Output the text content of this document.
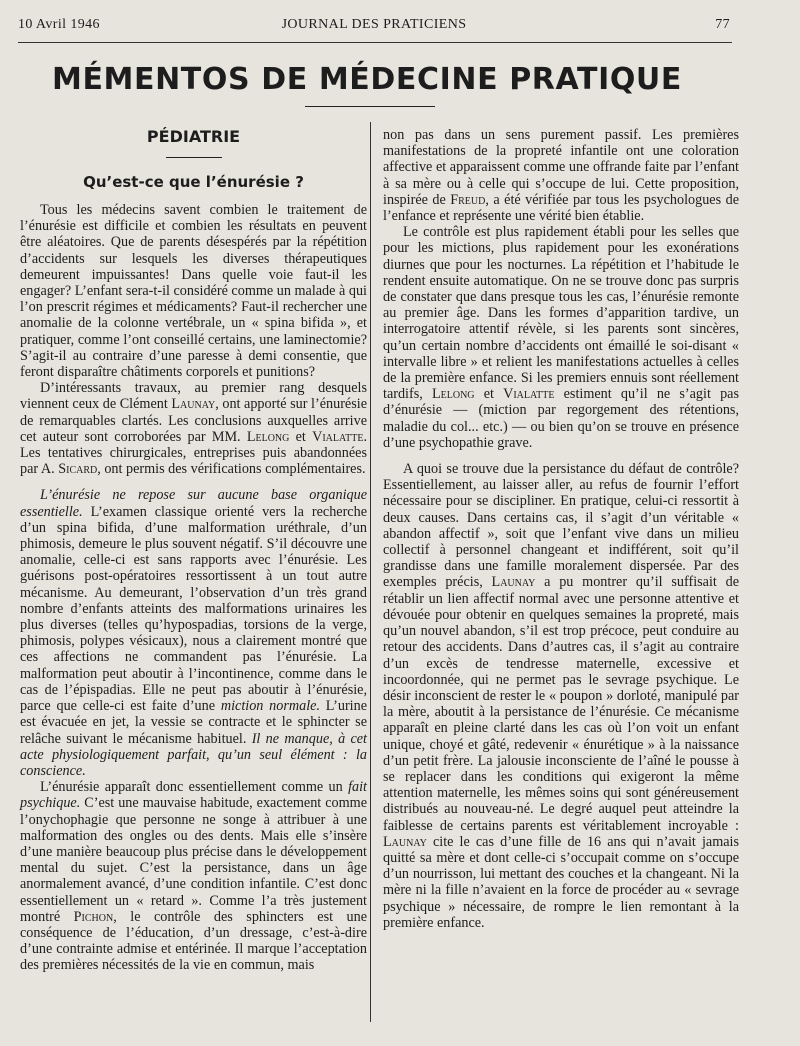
10 Avril 1946	JOURNAL DES PRATICIENS	77
MÉMENTOS DE MÉDECINE PRATIQUE
PÉDIATRIE
Qu’est-ce que l’énurésie ?

Tous les médecins savent combien le traitement de l’énurésie est difficile et combien les résultats en peuvent être aléatoires. Que de parents désespérés par la répétition d’accidents sur lesquels les diverses thérapeutiques demeurent impuissantes! Dans quelle voie faut-il les engager? L’enfant sera-t-il considéré comme un malade à qui l’on prescrit régimes et médicaments? Faut-il rechercher une anomalie de la colonne vertébrale, un « spina bifida », et pratiquer, comme l’ont conseillé certains, une laminectomie? S’agit-il au contraire d’une paresse à demi consentie, que feront disparaître châtiments corporels et punitions?

D’intéressants travaux, au premier rang desquels viennent ceux de Clément Launay, ont apporté sur l’énurésie de remarquables clartés. Les conclusions auxquelles arrive cet auteur sont corroborées par MM. Lelong et Vialatte. Les tentatives chirurgicales, entreprises puis abandonnées par A. Sicard, ont permis des vérifications complémentaires.

L’énurésie ne repose sur aucune base organique essentielle. L’examen classique orienté vers la recherche d’un spina bifida, d’une malformation uréthrale, d’un phimosis, demeure le plus souvent négatif. S’il découvre une anomalie, celle-ci est sans rapports avec l’énurésie. Les guérisons post-opératoires ressortissent à un tout autre mécanisme. Au demeurant, l’observation d’un très grand nombre d’enfants atteints des malformations urinaires les plus diverses (telles qu’hypospadias, torsions de la verge, phimosis, polypes vésicaux), nous a clairement montré que ces affections ne commandent pas l’énurésie. La malformation peut aboutir à l’incontinence, comme dans le cas de l’épispadias. Elle ne peut pas aboutir à l’énurésie, parce que celle-ci est faite d’une miction normale. L’urine est évacuée en jet, la vessie se contracte et le sphincter se relâche suivant le mécanisme habituel. Il ne manque, à cet acte physiologiquement parfait, qu’un seul élément : la conscience.

L’énurésie apparaît donc essentiellement comme un fait psychique. C’est une mauvaise habitude, exactement comme l’onychophagie que personne ne songe à attribuer à une malformation des ongles ou des dents. Mais elle s’insère d’une manière beaucoup plus précise dans le développement mental du sujet. C’est la persistance, dans un âge anormalement avancé, d’une condition infantile. C’est donc essentiellement un « retard ». Comme l’a très justement montré Pichon, le contrôle des sphincters est une conséquence de l’éducation, d’un dressage, c’est-à-dire d’une contrainte admise et entérinée. Il marque l’acceptation des premières nécessités de la vie en commun, mais

non pas dans un sens purement passif. Les premières manifestations de la propreté infantile ont une coloration affective et apparaissent comme une offrande faite par l’enfant à sa mère ou à celle qui s’occupe de lui. Cette proposition, inspirée de Freud, a été vérifiée par tous les psychologues de l’enfance et représente une vérité bien établie.

Le contrôle est plus rapidement établi pour les selles que pour les mictions, plus rapidement pour les exonérations diurnes que pour les nocturnes. La répétition et l’habitude le rendent ensuite automatique. On ne se trouve donc pas surpris de constater que dans presque tous les cas, l’énurésie remonte au premier âge. Dans les formes d’apparition tardive, un interrogatoire attentif révèle, si les parents sont sincères, qu’un certain nombre d’accidents ont émaillé le soi-disant « intervalle libre » et relient les manifestations actuelles à celles de la première enfance. Si les premiers ennuis sont réellement tardifs, Lelong et Vialatte estiment qu’il ne s’agit pas d’énurésie — (miction par regorgement des rétentions, maladie du col... etc.) — ou bien qu’on se trouve en présence d’une psychopathie grave.

A quoi se trouve due la persistance du défaut de contrôle? Essentiellement, au laisser aller, au refus de fournir l’effort nécessaire pour se discipliner. En pratique, celui-ci ressortit à deux causes. Dans certains cas, il s’agit d’un véritable « abandon affectif », soit que l’enfant vive dans un milieu collectif à personnel changeant et indifférent, soit qu’il grandisse dans une famille moralement dispersée. Par des exemples précis, Launay a pu montrer qu’il suffisait de rétablir un lien affectif normal avec une personne attentive et dévouée pour obtenir en quelques semaines la propreté, mais qu’un nouvel abandon, s’il est trop précoce, peut conduire au retour des accidents. Dans d’autres cas, il s’agit au contraire d’un excès de tendresse maternelle, excessive et incoordonnée, qui ne permet pas le sevrage psychique. Le désir inconscient de rester le « poupon » dorloté, manipulé par la mère, aboutit à la persistance de l’énurésie. Ce mécanisme apparaît en pleine clarté dans les cas où l’on voit un enfant unique, choyé et gâté, redevenir « énurétique » à la naissance d’un petit frère. La jalousie inconsciente de l’aîné le pousse à se replacer dans les conditions qui exigeront la même attention maternelle, les mêmes soins qui sont généreusement distribués au nouveau-né. Le degré auquel peut atteindre la faiblesse de certains parents est véritablement incroyable : Launay cite le cas d’une fille de 16 ans qui n’avait jamais quitté sa mère et dont celle-ci s’occupait comme on s’occupe d’un nourrisson, lui mettant des couches et la changeant. Ni la mère ni la fille n’avaient en la force de procéder au « sevrage psychique » nécessaire, de rompre le lien remontant à la première enfance.
